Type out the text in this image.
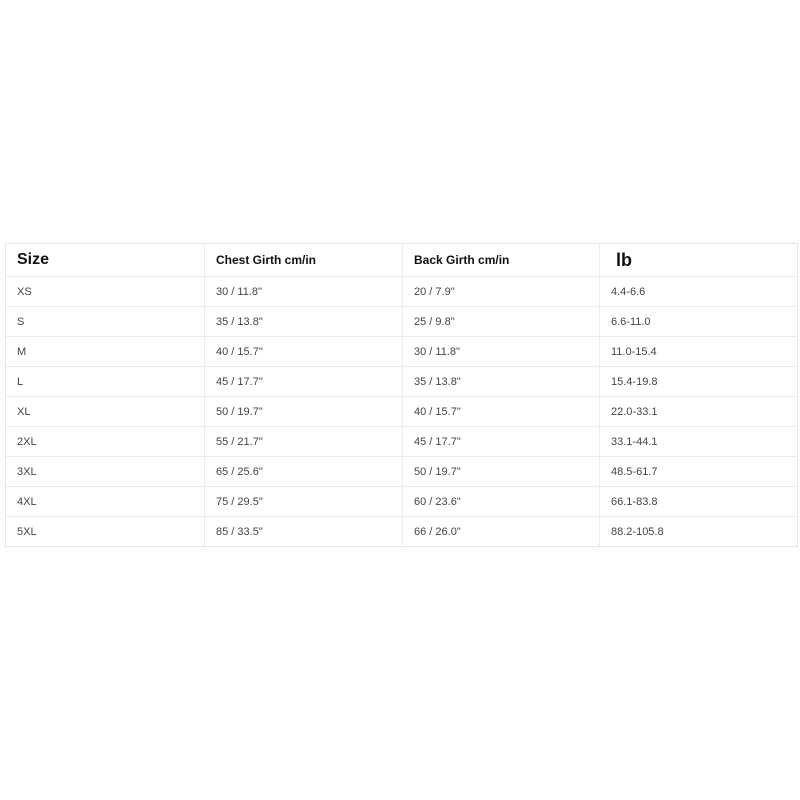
Size	Chest Girth cm/in	Back Girth cm/in	lb
XS	30 / 11.8"	20 / 7.9"	4.4-6.6
S	35 / 13.8"	25 / 9.8"	6.6-11.0
M	40 / 15.7"	30 / 11.8"	11.0-15.4
L	45 / 17.7"	35 / 13.8"	15.4-19.8
XL	50 / 19.7"	40 / 15.7"	22.0-33.1
2XL	55 / 21.7"	45 / 17.7"	33.1-44.1
3XL	65 / 25.6"	50 / 19.7"	48.5-61.7
4XL	75 / 29.5"	60 / 23.6"	66.1-83.8
5XL	85 / 33.5"	66 / 26.0"	88.2-105.8
